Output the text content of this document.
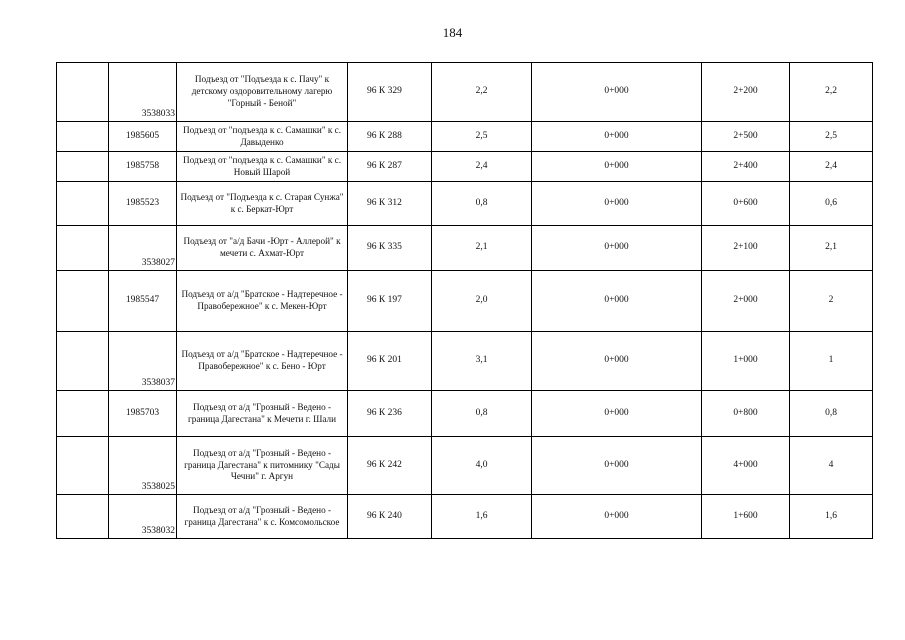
184
	3538033	Подъезд от "Подъезда к с. Пачу" к детскому оздоровительному лагерю "Горный - Беной"	96 К 329	2,2	0+000	2+200	2,2
	1985605	Подъезд от "подъезда к с. Самашки" к с. Давыденко	96 К 288	2,5	0+000	2+500	2,5
	1985758	Подъезд от "подъезда к с. Самашки" к с. Новый Шарой	96 К 287	2,4	0+000	2+400	2,4
	1985523	Подъезд от "Подъезда к с. Старая Сунжа" к с. Беркат-Юрт	96 К 312	0,8	0+000	0+600	0,6
	3538027	Подъезд от "а/д Бачи -Юрт - Аллерой" к мечети с. Ахмат-Юрт	96 К 335	2,1	0+000	2+100	2,1
	1985547	Подъезд от а/д "Братское - Надтеречное - Правобережное" к с. Мекен-Юрт	96 К 197	2,0	0+000	2+000	2
	3538037	Подъезд от а/д "Братское - Надтеречное - Правобережное" к с. Бено - Юрт	96 К 201	3,1	0+000	1+000	1
	1985703	Подъезд от а/д "Грозный - Ведено - граница Дагестана" к Мечети г. Шали	96 К 236	0,8	0+000	0+800	0,8
	3538025	Подъезд от а/д "Грозный - Ведено - граница Дагестана" к питомнику "Сады Чечни" г. Аргун	96 К 242	4,0	0+000	4+000	4
	3538032	Подъезд от а/д "Грозный - Ведено - граница Дагестана" к с. Комсомольское	96 К 240	1,6	0+000	1+600	1,6
